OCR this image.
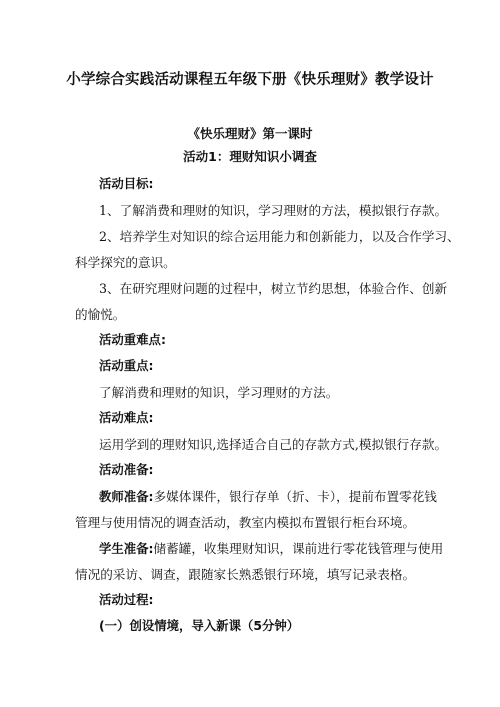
小学综合实践活动课程五年级下册《快乐理财》教学设计
《快乐理财》第一课时
活动1：理财知识小调查
活动目标:
1、了解消费和理财的知识，学习理财的方法，模拟银行存款。
2、培养学生对知识的综合运用能力和创新能力，以及合作学习、
科学探究的意识。
3、在研究理财问题的过程中，树立节约思想，体验合作、创新
的愉悦。
活动重难点:
活动重点:
了解消费和理财的知识，学习理财的方法。
活动难点:
运用学到的理财知识,选择适合自己的存款方式,模拟银行存款。
活动准备:
教师准备:多媒体课件，银行存单（折、卡），提前布置零花钱
管理与使用情况的调查活动，教室内模拟布置银行柜台环境。
学生准备:储蓄罐，收集理财知识，课前进行零花钱管理与使用
情况的采访、调查，跟随家长熟悉银行环境，填写记录表格。
活动过程:
(一）创设情境，导入新课（5分钟）
